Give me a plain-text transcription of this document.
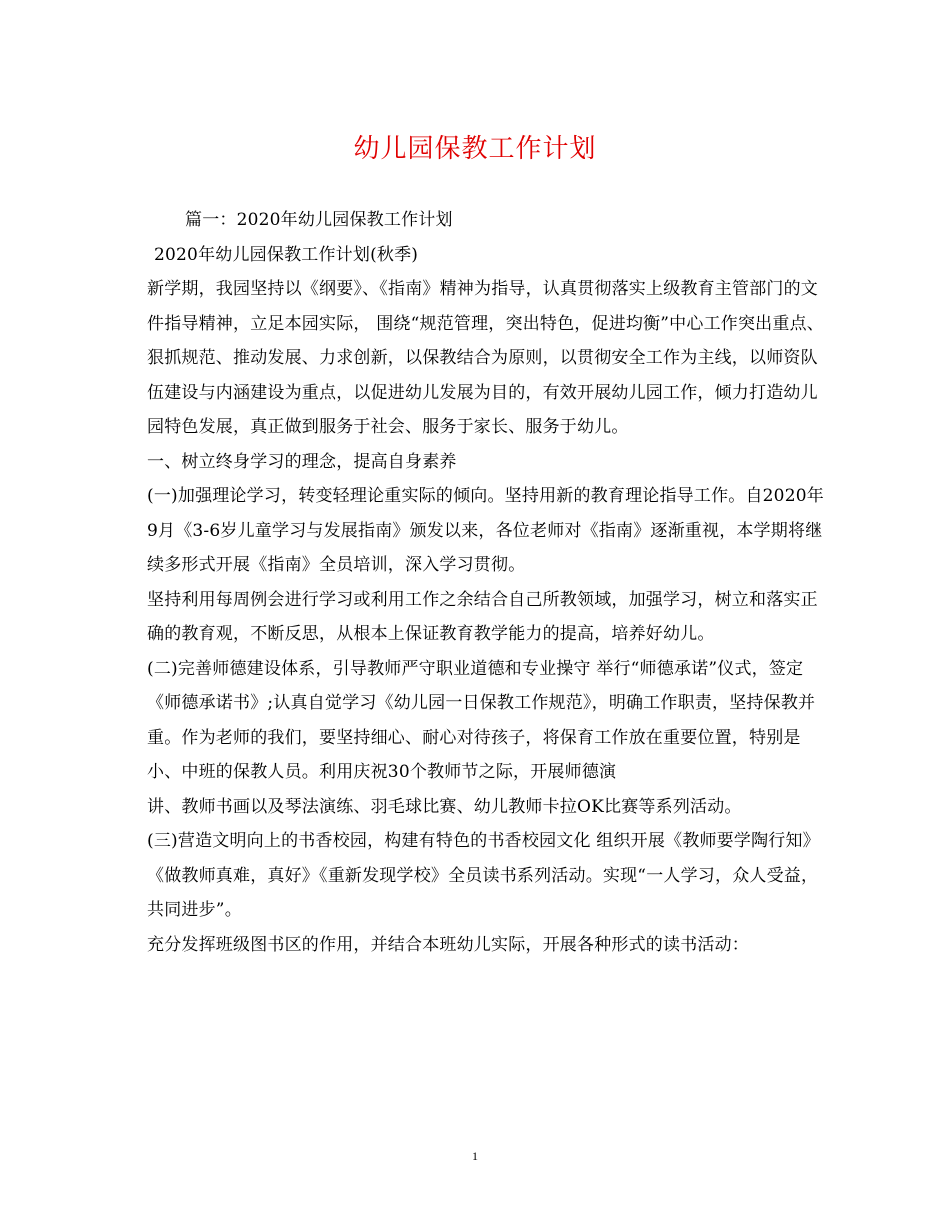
幼儿园保教工作计划

篇一：2020年幼儿园保教工作计划

2020年幼儿园保教工作计划(秋季)

新学期，我园坚持以《纲要》、《指南》精神为指导，认真贯彻落实上级教育主管部门的文件指导精神，立足本园实际， 围绕“规范管理，突出特色，促进均衡”中心工作突出重点、狠抓规范、推动发展、力求创新，以保教结合为原则，以贯彻安全工作为主线，以师资队伍建设与内涵建设为重点，以促进幼儿发展为目的，有效开展幼儿园工作，倾力打造幼儿园特色发展，真正做到服务于社会、服务于家长、服务于幼儿。

一、树立终身学习的理念，提高自身素养

(一)加强理论学习，转变轻理论重实际的倾向。坚持用新的教育理论指导工作。自2020年9月《3-6岁儿童学习与发展指南》颁发以来，各位老师对《指南》逐渐重视，本学期将继续多形式开展《指南》全员培训，深入学习贯彻。

坚持利用每周例会进行学习或利用工作之余结合自己所教领域，加强学习，树立和落实正确的教育观，不断反思，从根本上保证教育教学能力的提高，培养好幼儿。

(二)完善师德建设体系，引导教师严守职业道德和专业操守 举行“师德承诺”仪式，签定《师德承诺书》;认真自觉学习《幼儿园一日保教工作规范》，明确工作职责，坚持保教并重。作为老师的我们，要坚持细心、耐心对待孩子，将保育工作放在重要位置，特别是小、中班的保教人员。利用庆祝30个教师节之际，开展师德演

讲、教师书画以及琴法演练、羽毛球比赛、幼儿教师卡拉OK比赛等系列活动。

(三)营造文明向上的书香校园，构建有特色的书香校园文化 组织开展《教师要学陶行知》《做教师真难，真好》《重新发现学校》全员读书系列活动。实现“一人学习，众人受益，共同进步”。

充分发挥班级图书区的作用，并结合本班幼儿实际，开展各种形式的读书活动：

1
